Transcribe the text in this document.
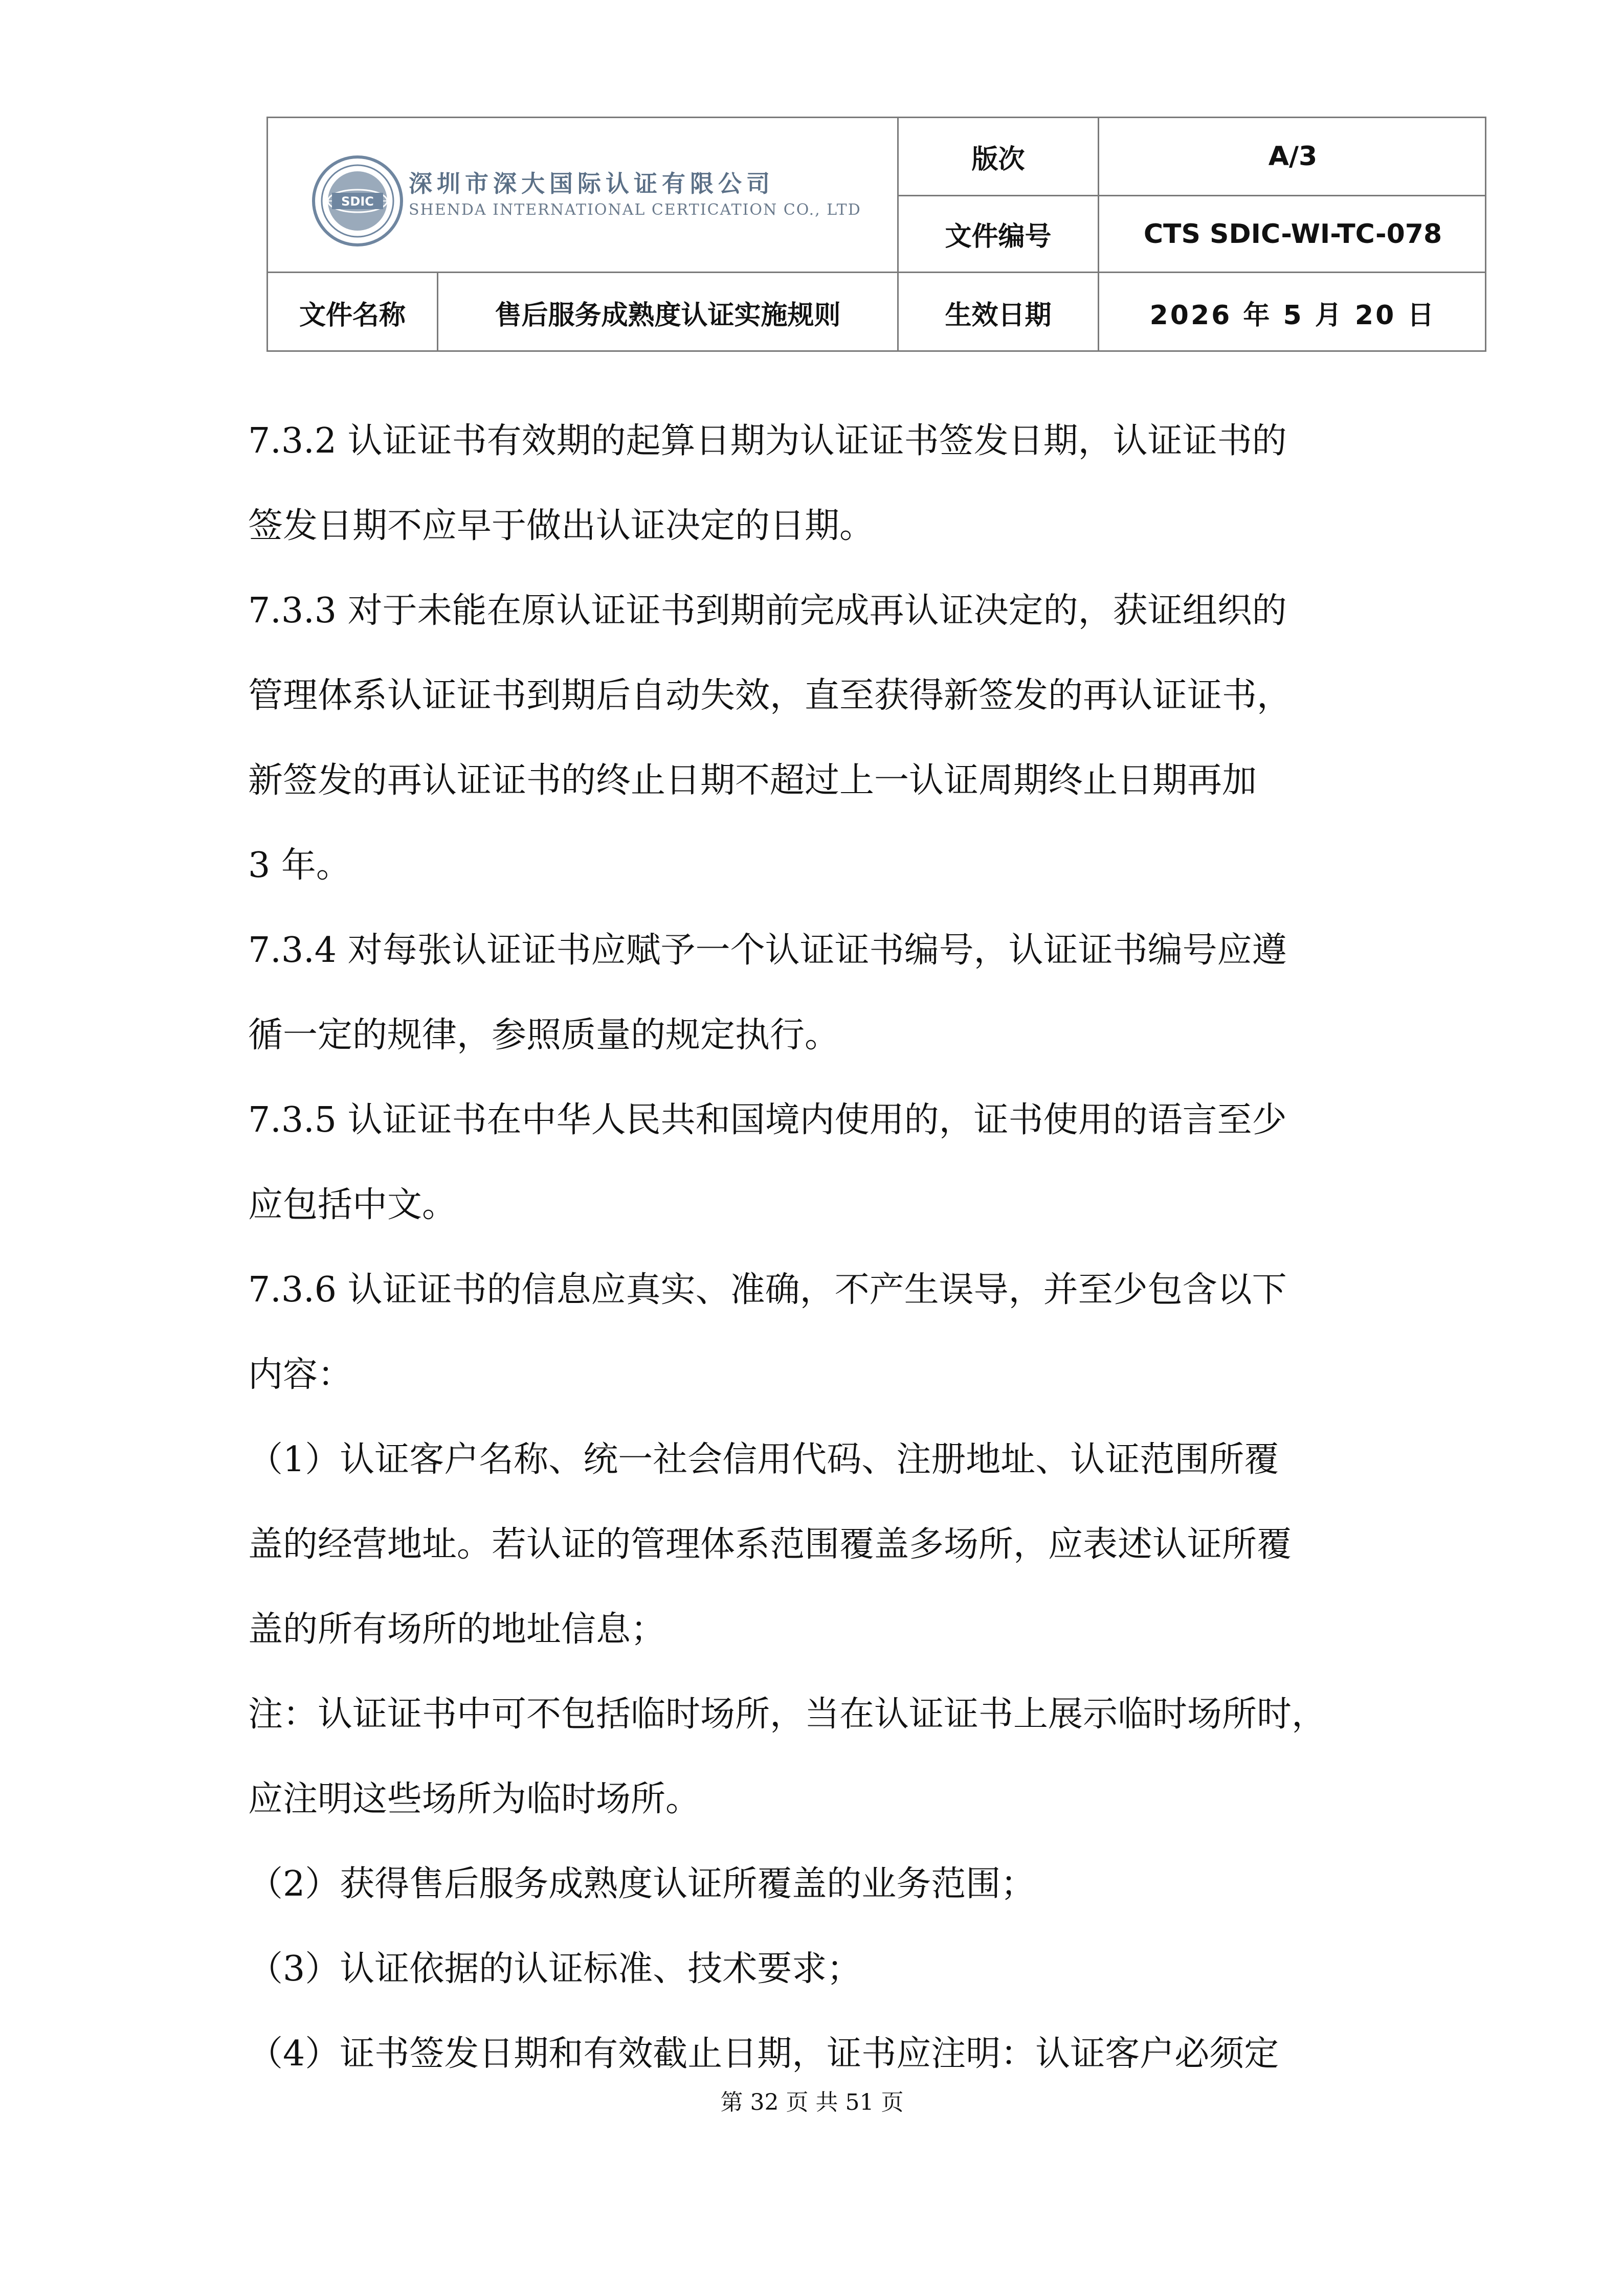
SDIC
深圳市深大国际认证有限公司
SHENDA INTERNATIONAL CERTICATION CO., LTD
版次	A/3
文件编号	CTS SDIC-WI-TC-078
文件名称	售后服务成熟度认证实施规则	生效日期	2026 年 5 月 20 日
7.3.2 认证证书有效期的起算日期为认证证书签发日期，认证证书的
签发日期不应早于做出认证决定的日期。
7.3.3 对于未能在原认证证书到期前完成再认证决定的，获证组织的
管理体系认证证书到期后自动失效，直至获得新签发的再认证证书，
新签发的再认证证书的终止日期不超过上一认证周期终止日期再加
3 年。
7.3.4 对每张认证证书应赋予一个认证证书编号，认证证书编号应遵
循一定的规律，参照质量的规定执行。
7.3.5 认证证书在中华人民共和国境内使用的，证书使用的语言至少
应包括中文。
7.3.6 认证证书的信息应真实、准确，不产生误导，并至少包含以下
内容：
（1）认证客户名称、统一社会信用代码、注册地址、认证范围所覆
盖的经营地址。若认证的管理体系范围覆盖多场所，应表述认证所覆
盖的所有场所的地址信息；
注：认证证书中可不包括临时场所，当在认证证书上展示临时场所时，
应注明这些场所为临时场所。
（2）获得售后服务成熟度认证所覆盖的业务范围；
（3）认证依据的认证标准、技术要求；
（4）证书签发日期和有效截止日期，证书应注明：认证客户必须定
第 32 页 共 51 页
